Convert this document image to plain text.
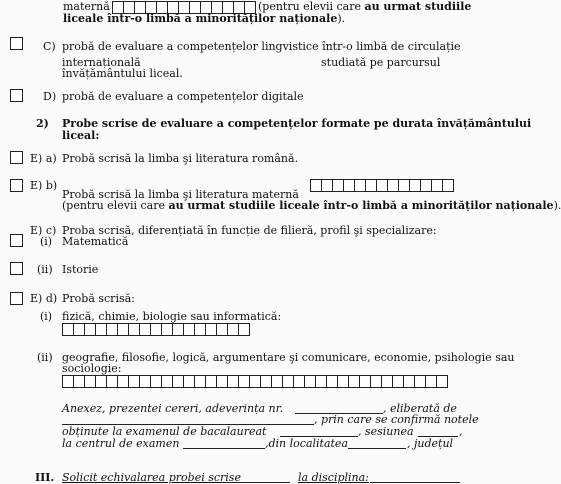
maternă	(pentru elevii care au urmat studiile
liceale într-o limbă a minorităților naționale).
C) probă de evaluare a competențelor lingvistice într-o limbă de circulație
internațională	studiată pe parcursul
învățământului liceal.
D) probă de evaluare a competențelor digitale
2) Probe scrise de evaluare a competențelor formate pe durata învățământului
liceal:
E) a) Probă scrisă la limba şi literatura română.
E) b)
Probă scrisă la limba şi literatura maternă
(pentru elevii care au urmat studiile liceale într-o limbă a minorităților naționale).
E) c) Proba scrisă, diferențiată în funcție de filieră, profil şi specializare:
(i) Matematică
(ii) Istorie
E) d) Probă scrisă:
(i) fizică, chimie, biologie sau informatică:
(ii) geografie, filosofie, logică, argumentare şi comunicare, economie, psihologie sau
sociologie:
Anexez, prezentei cereri, adeverința nr.	, eliberată de
, prin care se confirmă notele
obținute la examenul de bacalaureat	, sesiunea	,
la centrul de examen	,din localitatea	, județul
III. Solicit echivalarea probei scrise	la disciplina:
